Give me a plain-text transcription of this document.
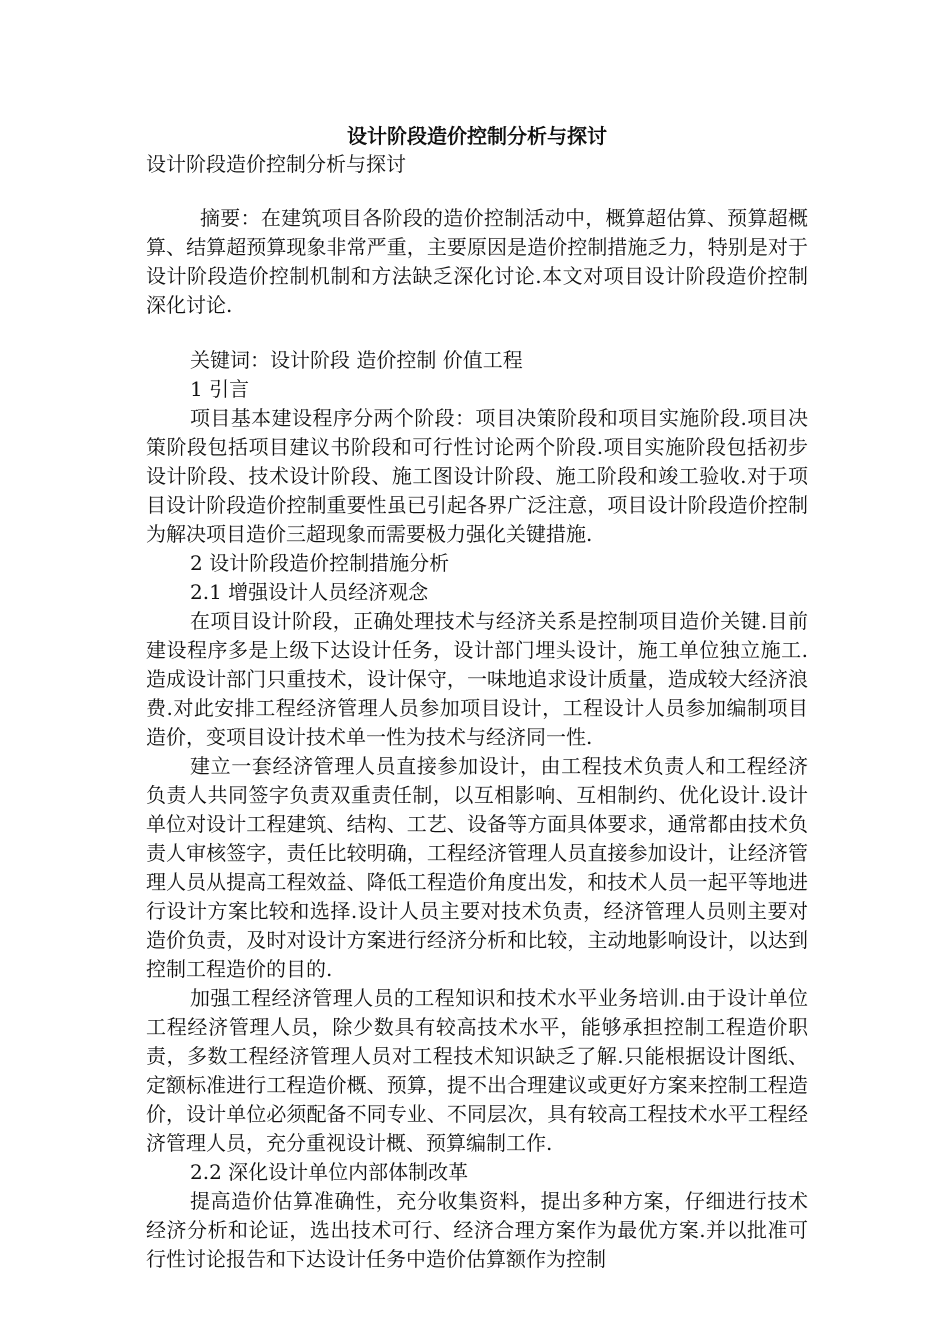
设计阶段造价控制分析与探讨

设计阶段造价控制分析与探讨

摘要：在建筑项目各阶段的造价控制活动中，概算超估算、预算超概算、结算超预算现象非常严重，主要原因是造价控制措施乏力，特别是对于设计阶段造价控制机制和方法缺乏深化讨论.本文对项目设计阶段造价控制深化讨论.

关键词：设计阶段 造价控制 价值工程

1 引言

项目基本建设程序分两个阶段：项目决策阶段和项目实施阶段.项目决策阶段包括项目建议书阶段和可行性讨论两个阶段.项目实施阶段包括初步设计阶段、技术设计阶段、施工图设计阶段、施工阶段和竣工验收.对于项目设计阶段造价控制重要性虽已引起各界广泛注意，项目设计阶段造价控制为解决项目造价三超现象而需要极力强化关键措施.

2 设计阶段造价控制措施分析

2.1 增强设计人员经济观念

在项目设计阶段，正确处理技术与经济关系是控制项目造价关键.目前建设程序多是上级下达设计任务，设计部门埋头设计，施工单位独立施工.造成设计部门只重技术，设计保守，一味地追求设计质量，造成较大经济浪费.对此安排工程经济管理人员参加项目设计，工程设计人员参加编制项目造价，变项目设计技术单一性为技术与经济同一性.

建立一套经济管理人员直接参加设计，由工程技术负责人和工程经济负责人共同签字负责双重责任制，以互相影响、互相制约、优化设计.设计单位对设计工程建筑、结构、工艺、设备等方面具体要求，通常都由技术负责人审核签字，责任比较明确，工程经济管理人员直接参加设计，让经济管理人员从提高工程效益、降低工程造价角度出发，和技术人员一起平等地进行设计方案比较和选择.设计人员主要对技术负责，经济管理人员则主要对造价负责，及时对设计方案进行经济分析和比较，主动地影响设计，以达到控制工程造价的目的.

加强工程经济管理人员的工程知识和技术水平业务培训.由于设计单位工程经济管理人员，除少数具有较高技术水平，能够承担控制工程造价职责，多数工程经济管理人员对工程技术知识缺乏了解.只能根据设计图纸、定额标准进行工程造价概、预算，提不出合理建议或更好方案来控制工程造价，设计单位必须配备不同专业、不同层次，具有较高工程技术水平工程经济管理人员，充分重视设计概、预算编制工作.

2.2 深化设计单位内部体制改革

提高造价估算准确性，充分收集资料，提出多种方案，仔细进行技术经济分析和论证，选出技术可行、经济合理方案作为最优方案.并以批准可行性讨论报告和下达设计任务中造价估算额作为控制
